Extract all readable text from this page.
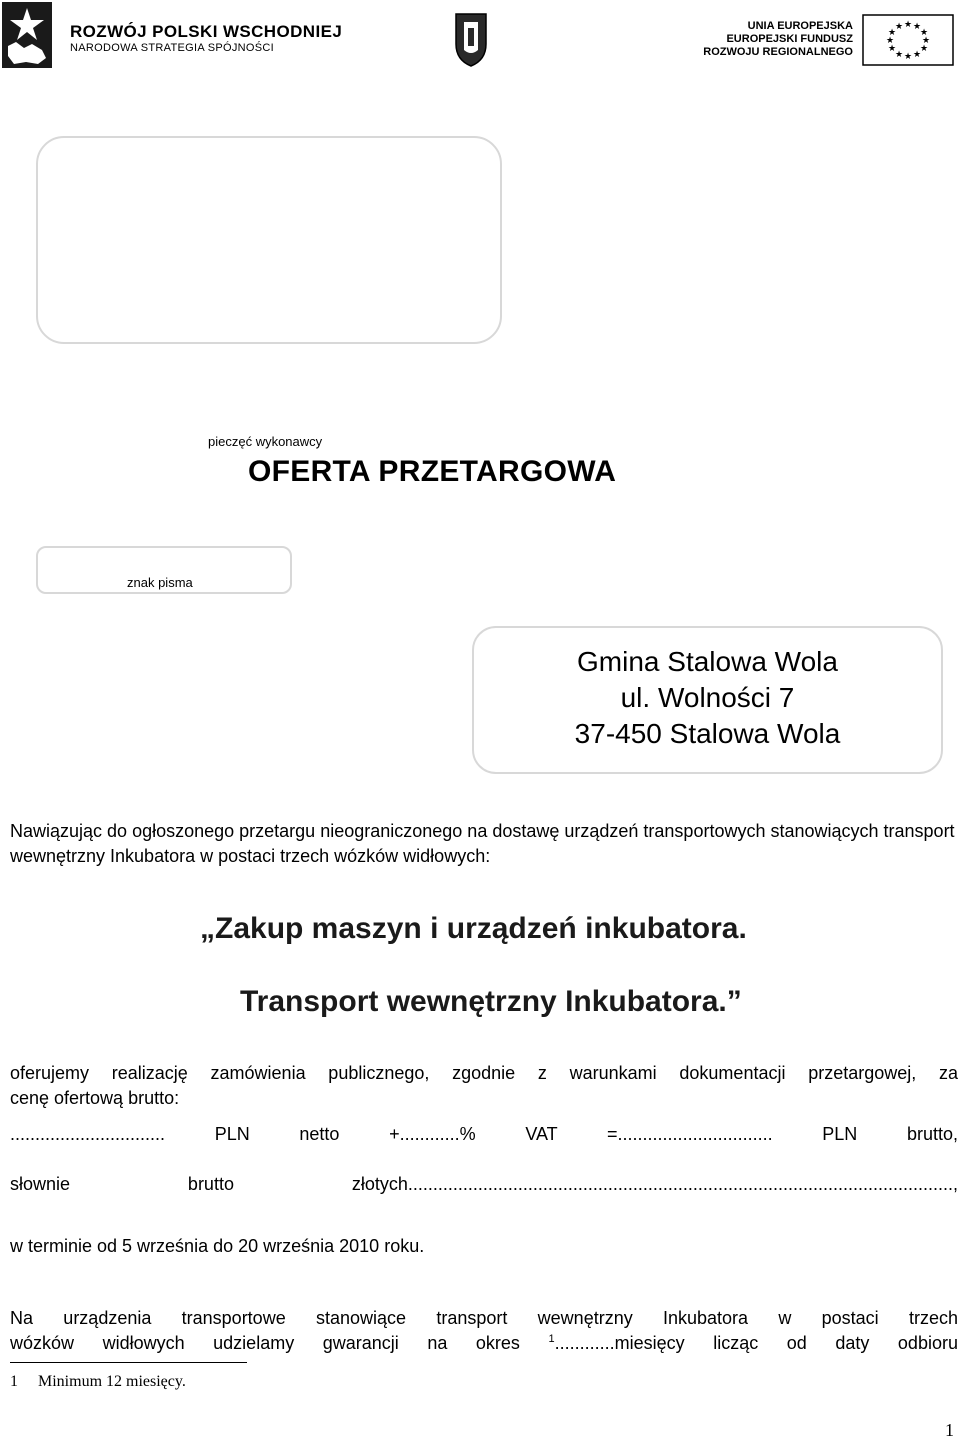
ROZWÓJ POLSKI WSCHODNIEJ
NARODOWA STRATEGIA SPÓJNOŚCI
UNIA EUROPEJSKA
EUROPEJSKI FUNDUSZ
ROZWOJU REGIONALNEGO
★ ★
★
★
★
★
★
★
★
★
★
★
pieczęć wykonawcy
OFERTA PRZETARGOWA
znak pisma
Gmina Stalowa Wola
ul. Wolności 7
37-450 Stalowa Wola
Nawiązując do ogłoszonego przetargu nieograniczonego na dostawę urządzeń transportowych stanowiących transport wewnętrzny Inkubatora w postaci trzech wózków widłowych:
„Zakup maszyn i urządzeń inkubatora.
Transport wewnętrzny Inkubatora.”
oferujemy realizację zamówienia publicznego, zgodnie z warunkami dokumentacji przetargowej, za
cenę ofertową brutto:
............................... PLN netto +............% VAT =............................... PLN brutto,
słownie brutto złotych.............................................................................................................,
w terminie od 5 września do 20 września 2010 roku.
Na urządzenia transportowe stanowiące transport wewnętrzny Inkubatora w postaci trzech
wózków widłowych udzielamy gwarancji na okres	$^1$............miesięcy licząc od daty odbioru
1 Minimum 12 miesięcy.
1
